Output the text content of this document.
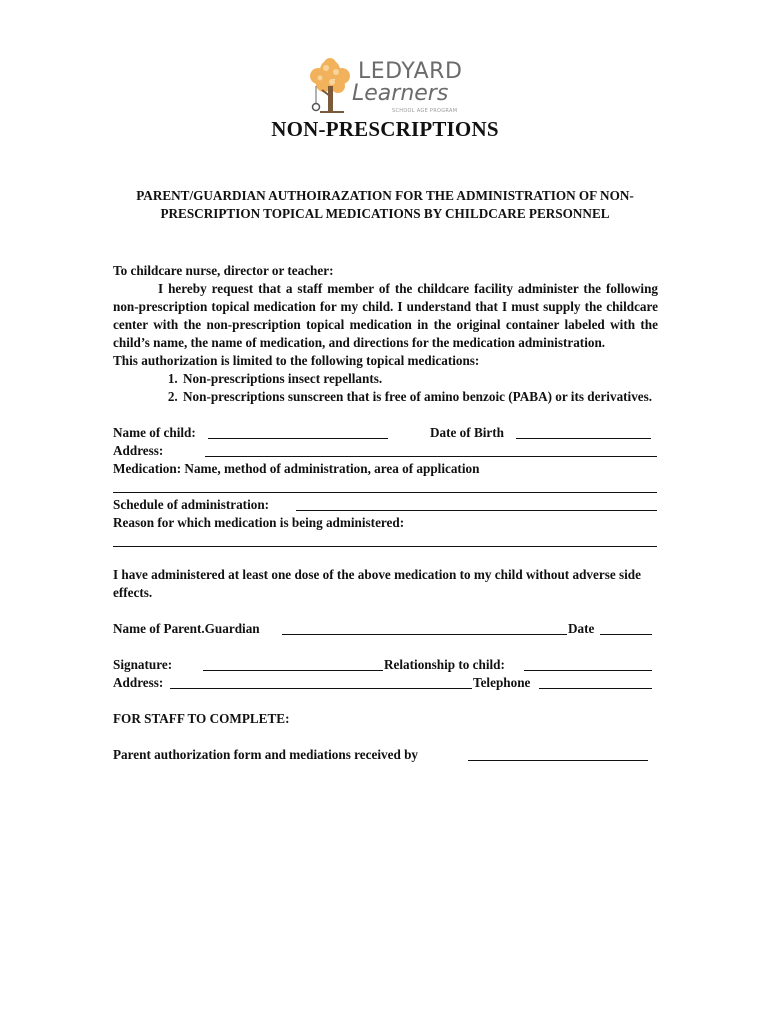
LEDYARD
Learners
SCHOOL AGE PROGRAM
NON-PRESCRIPTIONS
PARENT/GUARDIAN AUTHOIRAZATION FOR THE ADMINISTRATION OF NON-PRESCRIPTION TOPICAL MEDICATIONS BY CHILDCARE PERSONNEL

To childcare nurse, director or teacher:

I hereby request that a staff member of the childcare facility administer the following non-prescription topical medication for my child. I understand that I must supply the childcare center with the non-prescription topical medication in the original container labeled with the child’s name, the name of medication, and directions for the medication administration.

This authorization is limited to the following topical medications:

1. Non-prescriptions insect repellants.
2. Non-prescriptions sunscreen that is free of amino benzoic (PABA) or its derivatives.
Name of child:	Date of Birth
Address:
Medication: Name, method of administration, area of application
Schedule of administration:
Reason for which medication is being administered:

I have administered at least one dose of the above medication to my child without adverse side effects.

Name of Parent.Guardian	Date
Signature:	Relationship to child:
Address:	Telephone

FOR STAFF TO COMPLETE:

Parent authorization form and mediations received by
